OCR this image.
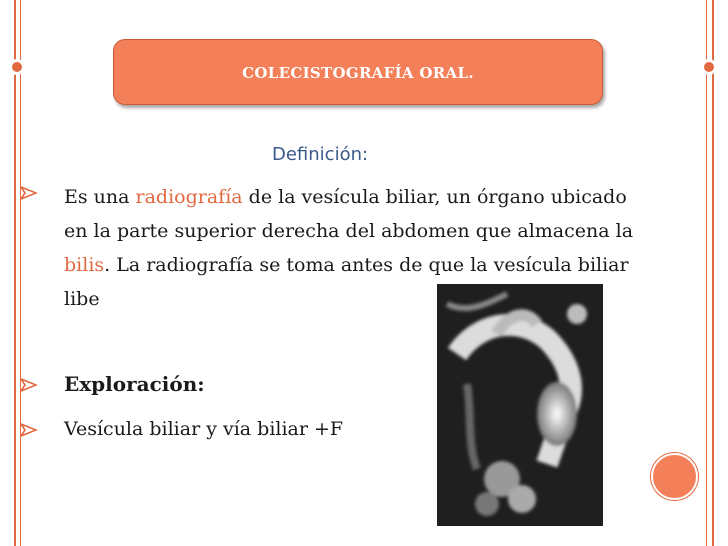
COLECISTOGRAFÍA ORAL.
Definición:
Es una radiografía de la vesícula biliar, un órgano ubicado en la parte superior derecha del abdomen que almacena la bilis. La radiografía se toma antes de que la vesícula biliar libe
Exploración:
Vesícula biliar y vía biliar +F
